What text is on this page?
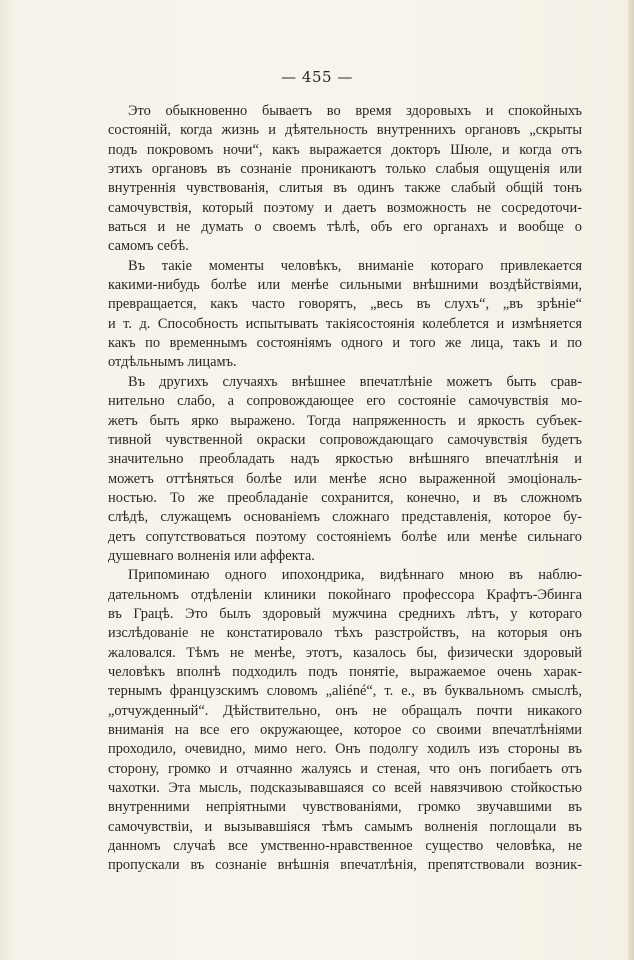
— 455 —
Это обыкновенно бываетъ во время здоровыхъ и спокойныхъ
состояній, когда жизнь и дѣятельность внутреннихъ органовъ „скрыты
подъ покровомъ ночи“, какъ выражается докторъ Шюле, и когда отъ
этихъ органовъ въ сознаніе проникаютъ только слабыя ощущенія или
внутреннія чувствованія, слитыя въ одинъ также слабый общій тонъ
самочувствія, который поэтому и даетъ возможность не сосредоточи-
ваться и не думать о своемъ тѣлѣ, объ его органахъ и вообще о
самомъ себѣ.
Въ такіе моменты человѣкъ, вниманіе котораго привлекается
какими-нибудь болѣе или менѣе сильными внѣшними воздѣйствіями,
превращается, какъ часто говорятъ, „весь въ слухъ“, „въ зрѣніе“
и т. д. Способность испытывать такіясостоянія колеблется и измѣняется
какъ по временнымъ состояніямъ одного и того же лица, такъ и по
отдѣльнымъ лицамъ.
Въ другихъ случаяхъ внѣшнее впечатлѣніе можетъ быть срав-
нительно слабо, а сопровождающее его состояніе самочувствія мо-
жетъ быть ярко выражено. Тогда напряженность и яркость субъек-
тивной чувственной окраски сопровождающаго самочувствія будетъ
значительно преобладать надъ яркостью внѣшняго впечатлѣнія и
можетъ оттѣняться болѣе или менѣе ясно выраженной эмоціональ-
ностью. То же преобладаніе сохранится, конечно, и въ сложномъ
слѣдѣ, служащемъ основаніемъ сложнаго представленія, которое бу-
детъ сопутствоваться поэтому состояніемъ болѣе или менѣе сильнаго
душевнаго волненія или аффекта.
Припоминаю одного ипохондрика, видѣннаго мною въ наблю-
дательномъ отдѣленіи клиники покойнаго профессора Крафтъ-Эбинга
въ Грацѣ. Это былъ здоровый мужчина среднихъ лѣтъ, у котораго
изслѣдованіе не констатировало тѣхъ разстройствъ, на которыя онъ
жаловался. Тѣмъ не менѣе, этотъ, казалось бы, физически здоровый
человѣкъ вполнѣ подходилъ подъ понятіе, выражаемое очень харак-
тернымъ французскимъ словомъ „aliéné“, т. е., въ буквальномъ смыслѣ,
„отчужденный“. Дѣйствительно, онъ не обращалъ почти никакого
вниманія на все его окружающее, которое со своими впечатлѣніями
проходило, очевидно, мимо него. Онъ подолгу ходилъ изъ стороны въ
сторону, громко и отчаянно жалуясь и стеная, что онъ погибаетъ отъ
чахотки. Эта мысль, подсказывавшаяся со всей навязчивою стойкостью
внутренними непріятными чувствованіями, громко звучавшими въ
самочувствіи, и вызывавшіяся тѣмъ самымъ волненія поглощали въ
данномъ случаѣ все умственно-нравственное существо человѣка, не
пропускали въ сознаніе внѣшнія впечатлѣнія, препятствовали возник-
